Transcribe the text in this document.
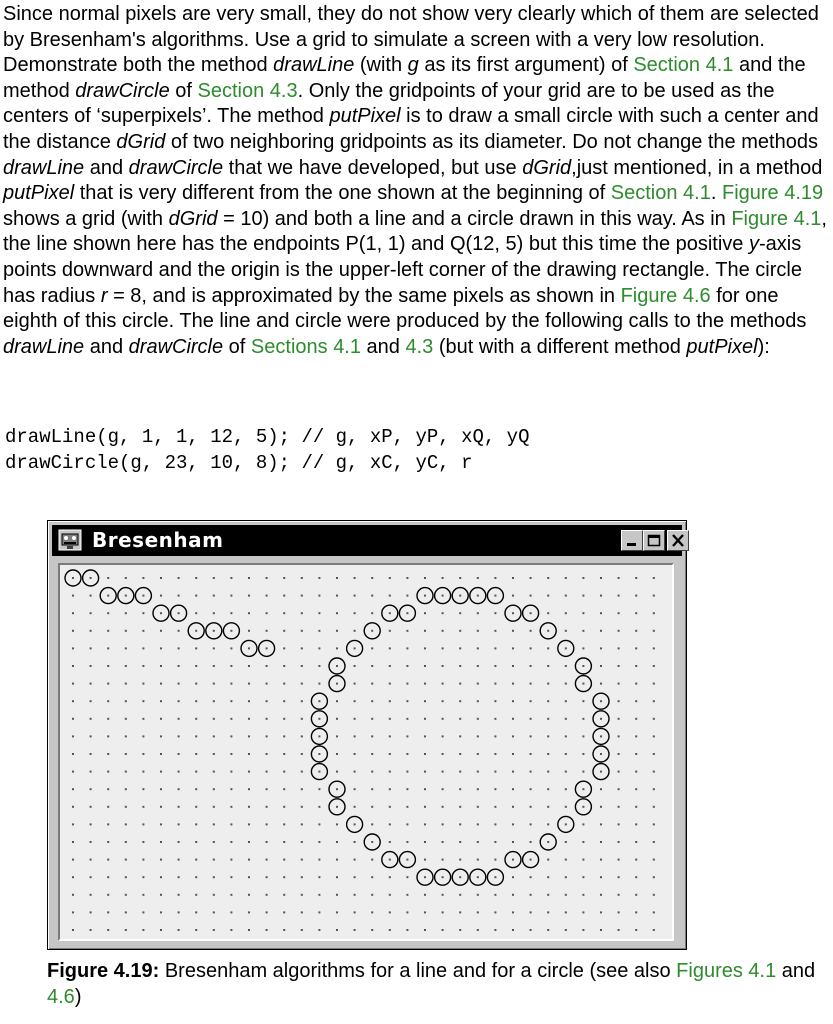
Since normal pixels are very small, they do not show very clearly which of them are selected by Bresenham's algorithms. Use a grid to simulate a screen with a very low resolution. Demonstrate both the method drawLine (with g as its first argument) of Section 4.1 and the method drawCircle of Section 4.3. Only the gridpoints of your grid are to be used as the centers of ‘superpixels’. The method putPixel is to draw a small circle with such a center and the distance dGrid of two neighboring gridpoints as its diameter. Do not change the methods drawLine and drawCircle that we have developed, but use dGrid,just mentioned, in a method putPixel that is very different from the one shown at the beginning of Section 4.1. Figure 4.19 shows a grid (with dGrid = 10) and both a line and a circle drawn in this way. As in Figure 4.1, the line shown here has the endpoints P(1, 1) and Q(12, 5) but this time the positive y-axis points downward and the origin is the upper-left corner of the drawing rectangle. The circle has radius r = 8, and is approximated by the same pixels as shown in Figure 4.6 for one eighth of this circle. The line and circle were produced by the following calls to the methods drawLine and drawCircle of Sections 4.1 and 4.3 (but with a different method putPixel):

drawLine(g, 1, 1, 12, 5); // g, xP, yP, xQ, yQ
drawCircle(g, 23, 10, 8); // g, xC, yC, r
Bresenham

Figure 4.19: Bresenham algorithms for a line and for a circle (see also Figures 4.1 and 4.6)
